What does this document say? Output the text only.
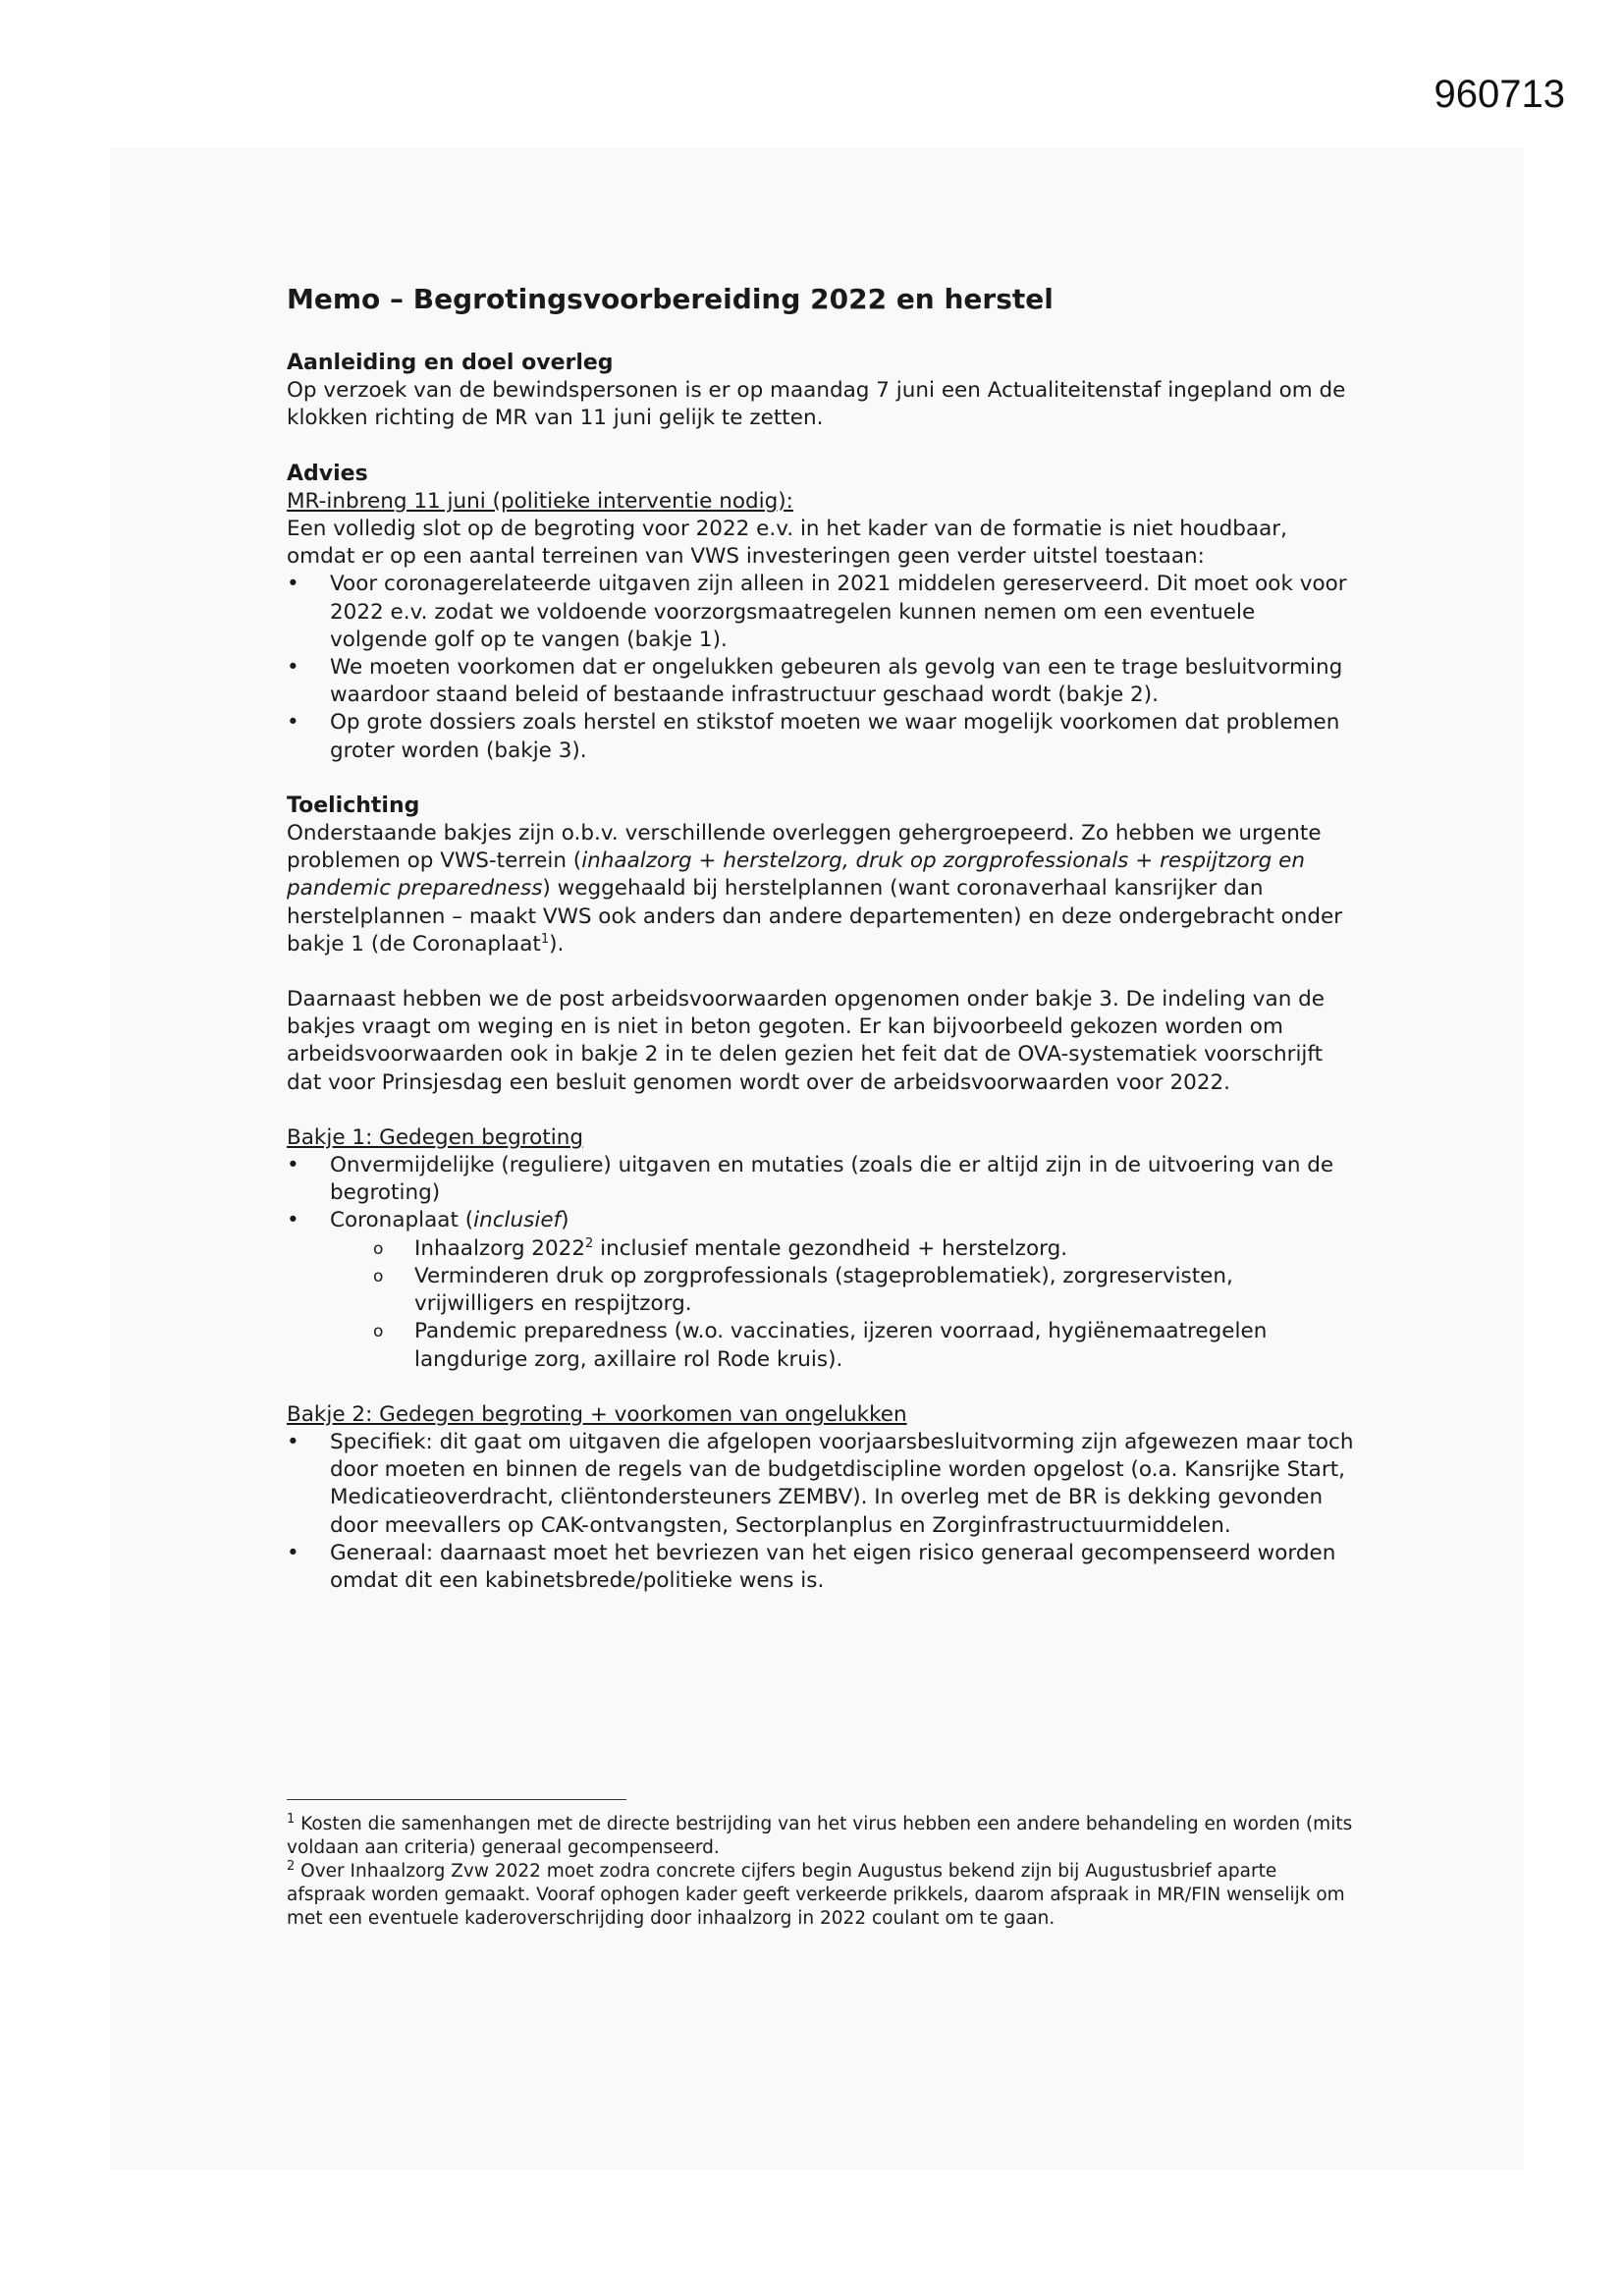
960713
Memo – Begrotingsvoorbereiding 2022 en herstel
Aanleiding en doel overleg

Op verzoek van de bewindspersonen is er op maandag 7 juni een Actualiteitenstaf ingepland om de klokken richting de MR van 11 juni gelijk te zetten.

Advies

MR-inbreng 11 juni (politieke interventie nodig):

Een volledig slot op de begroting voor 2022 e.v. in het kader van de formatie is niet houdbaar, omdat er op een aantal terreinen van VWS investeringen geen verder uitstel toestaan:

• Voor coronagerelateerde uitgaven zijn alleen in 2021 middelen gereserveerd. Dit moet ook voor 2022 e.v. zodat we voldoende voorzorgsmaatregelen kunnen nemen om een eventuele volgende golf op te vangen (bakje 1).
• We moeten voorkomen dat er ongelukken gebeuren als gevolg van een te trage besluitvorming waardoor staand beleid of bestaande infrastructuur geschaad wordt (bakje 2).
• Op grote dossiers zoals herstel en stikstof moeten we waar mogelijk voorkomen dat problemen groter worden (bakje 3).
Toelichting

Onderstaande bakjes zijn o.b.v. verschillende overleggen gehergroepeerd. Zo hebben we urgente problemen op VWS-terrein (inhaalzorg + herstelzorg, druk op zorgprofessionals + respijtzorg en pandemic preparedness) weggehaald bij herstelplannen (want coronaverhaal kansrijker dan herstelplannen – maakt VWS ook anders dan andere departementen) en deze ondergebracht onder bakje 1 (de Coronaplaat$^1$).

Daarnaast hebben we de post arbeidsvoorwaarden opgenomen onder bakje 3. De indeling van de bakjes vraagt om weging en is niet in beton gegoten. Er kan bijvoorbeeld gekozen worden om arbeidsvoorwaarden ook in bakje 2 in te delen gezien het feit dat de OVA-systematiek voorschrijft dat voor Prinsjesdag een besluit genomen wordt over de arbeidsvoorwaarden voor 2022.

Bakje 1: Gedegen begroting

• Onvermijdelijke (reguliere) uitgaven en mutaties (zoals die er altijd zijn in de uitvoering van de begroting)
• Coronaplaat (inclusief)
o Inhaalzorg 2022$^2$ inclusief mentale gezondheid + herstelzorg.
o Verminderen druk op zorgprofessionals (stageproblematiek), zorgreservisten, vrijwilligers en respijtzorg.
o Pandemic preparedness (w.o. vaccinaties, ijzeren voorraad, hygiënemaatregelen langdurige zorg, axillaire rol Rode kruis).

Bakje 2: Gedegen begroting + voorkomen van ongelukken

• Specifiek: dit gaat om uitgaven die afgelopen voorjaarsbesluitvorming zijn afgewezen maar toch door moeten en binnen de regels van de budgetdiscipline worden opgelost (o.a. Kansrijke Start, Medicatieoverdracht, cliëntondersteuners ZEMBV). In overleg met de BR is dekking gevonden door meevallers op CAK-ontvangsten, Sectorplanplus en Zorginfrastructuurmiddelen.
• Generaal: daarnaast moet het bevriezen van het eigen risico generaal gecompenseerd worden omdat dit een kabinetsbrede/politieke wens is.

$^1$ Kosten die samenhangen met de directe bestrijding van het virus hebben een andere behandeling en worden (mits voldaan aan criteria) generaal gecompenseerd.

$^2$ Over Inhaalzorg Zvw 2022 moet zodra concrete cijfers begin Augustus bekend zijn bij Augustusbrief aparte afspraak worden gemaakt. Vooraf ophogen kader geeft verkeerde prikkels, daarom afspraak in MR/FIN wenselijk om met een eventuele kaderoverschrijding door inhaalzorg in 2022 coulant om te gaan.
